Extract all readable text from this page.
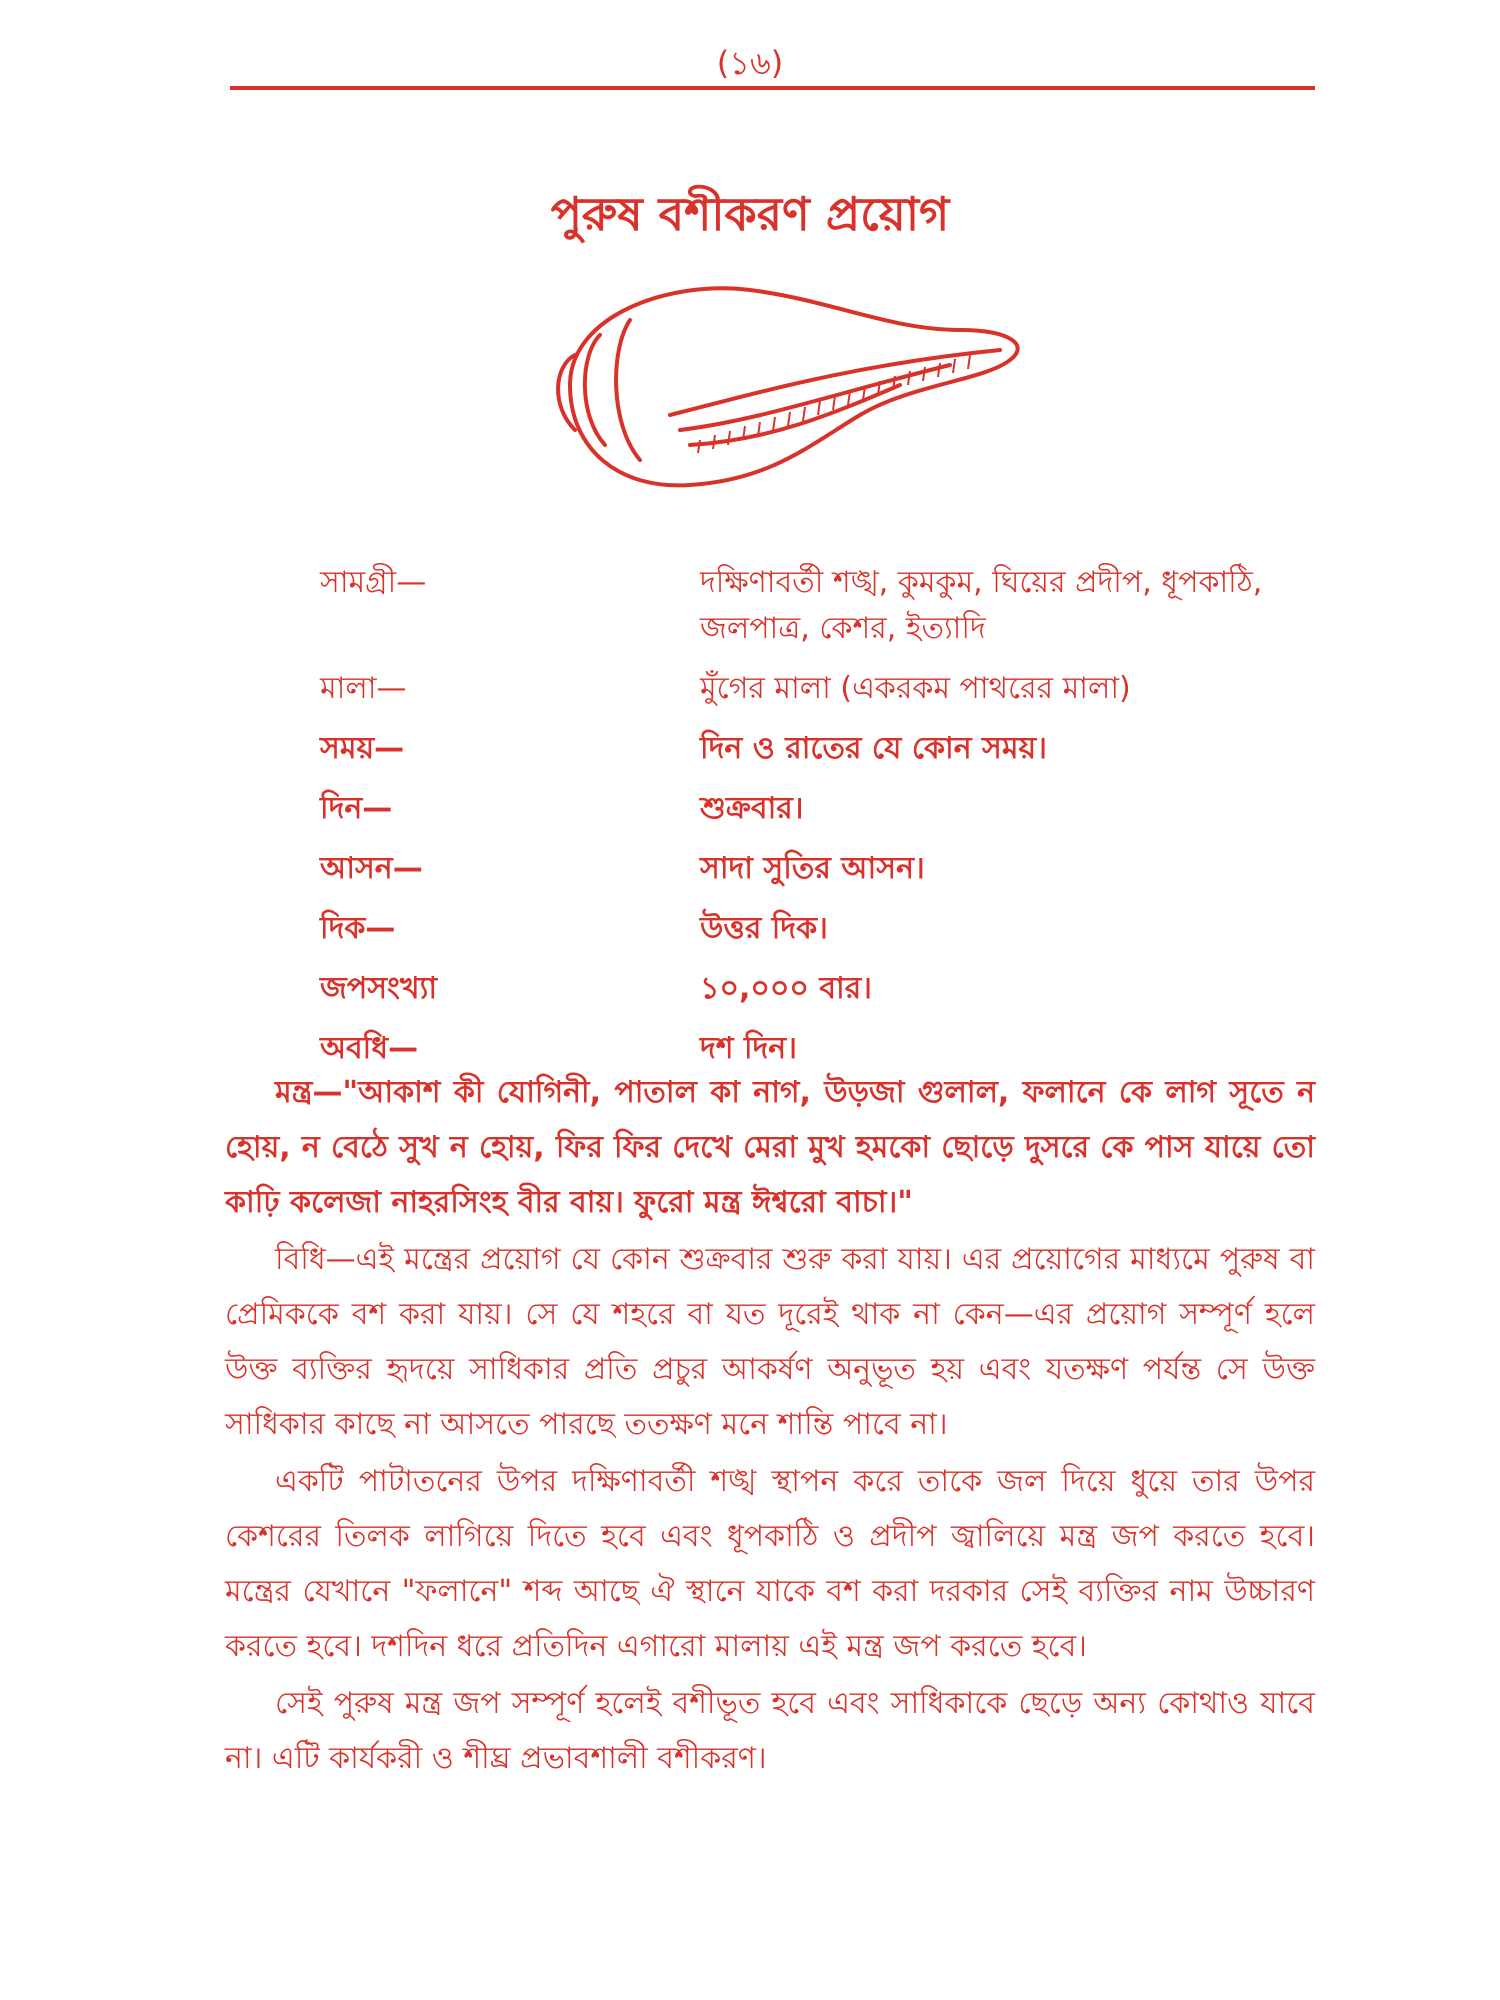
(১৬)
পুরুষ বশীকরণ প্রয়োগ
সামগ্রী—	দক্ষিণাবর্তী শঙ্খ, কুমকুম, ঘিয়ের প্রদীপ, ধূপকাঠি, জলপাত্র, কেশর, ইত্যাদি
মালা—	মুঁগের মালা (একরকম পাথরের মালা)
সময়—	দিন ও রাতের যে কোন সময়।
দিন—	শুক্রবার।
আসন—	সাদা সুতির আসন।
দিক—	উত্তর দিক।
জপসংখ্যা	১০,০০০ বার।
অবধি—	দশ দিন।

মন্ত্র—"আকাশ কী যোগিনী, পাতাল কা নাগ, উড়জা গুলাল, ফলানে কে লাগ সূতে ন হোয়, ন বেঠে সুখ ন হোয়, ফির ফির দেখে মেরা মুখ হমকো ছোড়ে দুসরে কে পাস যায়ে তো কাঢ়ি কলেজা নাহরসিংহ বীর বায়। ফুরো মন্ত্র ঈশ্বরো বাচা।"

বিধি—এই মন্ত্রের প্রয়োগ যে কোন শুক্রবার শুরু করা যায়। এর প্রয়োগের মাধ্যমে পুরুষ বা প্রেমিককে বশ করা যায়। সে যে শহরে বা যত দূরেই থাক না কেন—এর প্রয়োগ সম্পূর্ণ হলে উক্ত ব্যক্তির হৃদয়ে সাধিকার প্রতি প্রচুর আকর্ষণ অনুভূত হয় এবং যতক্ষণ পর্যন্ত সে উক্ত সাধিকার কাছে না আসতে পারছে ততক্ষণ মনে শান্তি পাবে না।

একটি পাটাতনের উপর দক্ষিণাবর্তী শঙ্খ স্থাপন করে তাকে জল দিয়ে ধুয়ে তার উপর কেশরের তিলক লাগিয়ে দিতে হবে এবং ধূপকাঠি ও প্রদীপ জ্বালিয়ে মন্ত্র জপ করতে হবে। মন্ত্রের যেখানে "ফলানে" শব্দ আছে ঐ স্থানে যাকে বশ করা দরকার সেই ব্যক্তির নাম উচ্চারণ করতে হবে। দশদিন ধরে প্রতিদিন এগারো মালায় এই মন্ত্র জপ করতে হবে।

সেই পুরুষ মন্ত্র জপ সম্পূর্ণ হলেই বশীভূত হবে এবং সাধিকাকে ছেড়ে অন্য কোথাও যাবে না। এটি কার্যকরী ও শীঘ্র প্রভাবশালী বশীকরণ।
